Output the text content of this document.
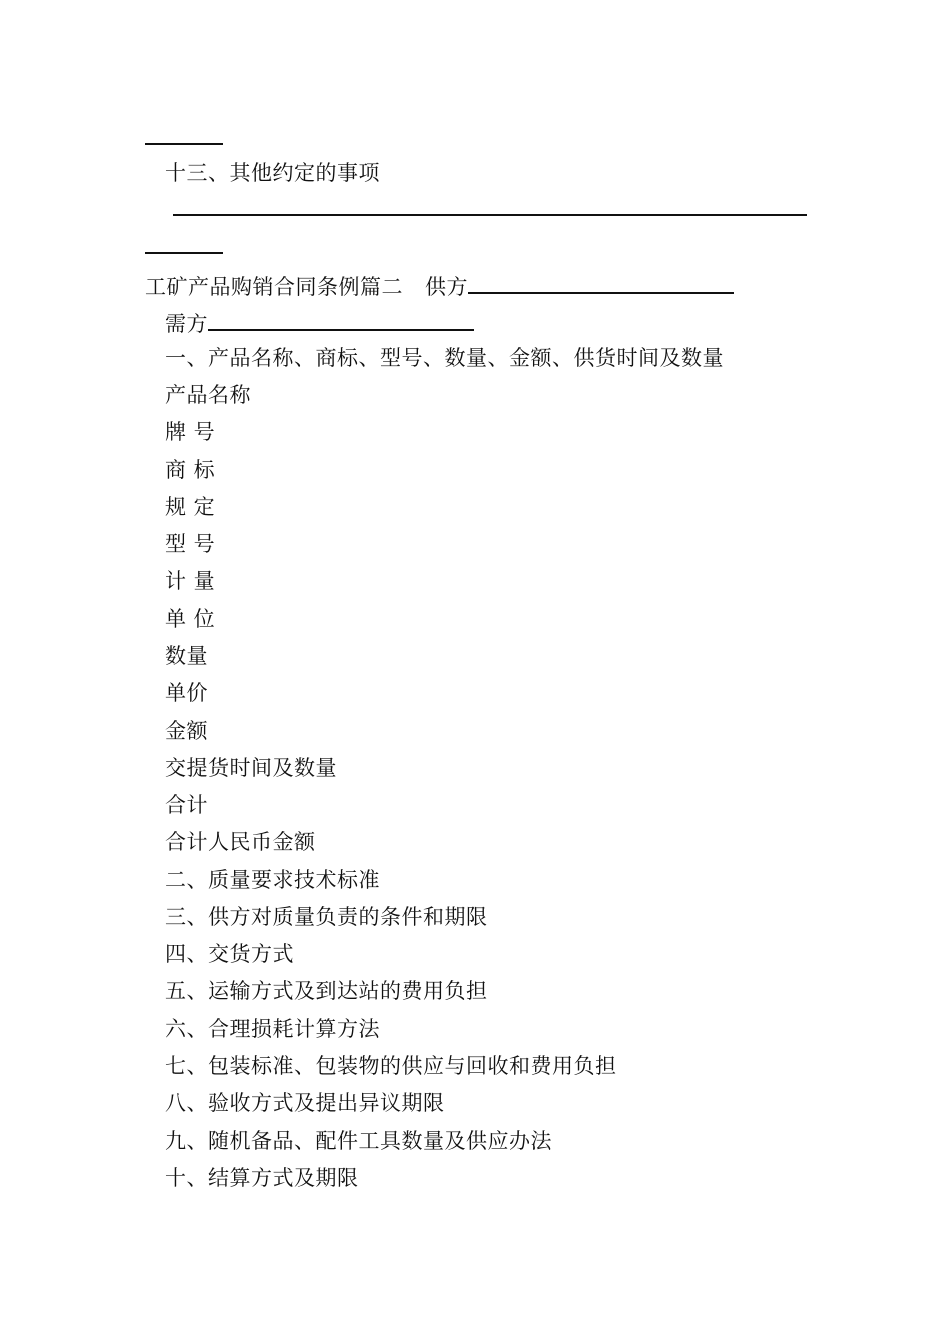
十三、其他约定的事项
工矿产品购销合同条例篇二 供方
需方
一、产品名称、商标、型号、数量、金额、供货时间及数量
产品名称
牌 号
商 标
规 定
型 号
计 量
单 位
数量
单价
金额
交提货时间及数量
合计
合计人民币金额
二、质量要求技术标准
三、供方对质量负责的条件和期限
四、交货方式
五、运输方式及到达站的费用负担
六、合理损耗计算方法
七、包装标准、包装物的供应与回收和费用负担
八、验收方式及提出异议期限
九、随机备品、配件工具数量及供应办法
十、结算方式及期限
